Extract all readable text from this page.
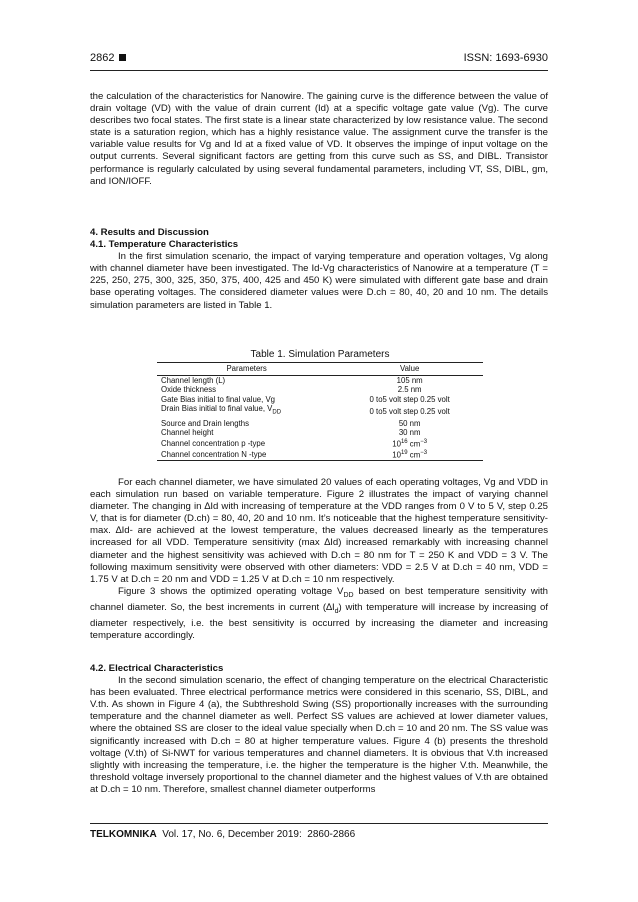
2862	ISSN: 1693-6930

the calculation of the characteristics for Nanowire. The gaining curve is the difference between the value of drain voltage (VD) with the value of drain current (Id) at a specific voltage gate value (Vg). The curve describes two focal states. The first state is a linear state characterized by low resistance value. The second state is a saturation region, which has a highly resistance value. The assignment curve the transfer is the variable value results for Vg and Id at a fixed value of VD. It observes the impinge of input voltage on the output currents. Several significant factors are getting from this curve such as SS, and DIBL. Transistor performance is regularly calculated by using several fundamental parameters, including VT, SS, DIBL, gm, and ION/IOFF.

4. Results and Discussion
4.1. Temperature Characteristics

In the first simulation scenario, the impact of varying temperature and operation voltages, Vg along with channel diameter have been investigated. The Id-Vg characteristics of Nanowire at a temperature (T = 225, 250, 275, 300, 325, 350, 375, 400, 425 and 450 K) were simulated with different gate base and drain base operating voltages. The considered diameter values were D.ch = 80, 40, 20 and 10 nm. The details simulation parameters are listed in Table 1.

Table 1. Simulation Parameters
Parameters	Value
Channel length (L)	105 nm
Oxide thickness	2.5 nm
Gate Bias initial to final value, Vg	0 to5 volt step 0.25 volt
Drain Bias initial to final value, $V_{DD}$	0 to5 volt step 0.25 volt
Source and Drain lengths	50 nm
Channel height	30 nm
Channel concentration p -type	$10^{16}$ $cm^{-3}$
Channel concentration N -type	$10^{19}$ $cm^{-3}$

For each channel diameter, we have simulated 20 values of each operating voltages, Vg and VDD in each simulation run based on variable temperature. Figure 2 illustrates the impact of varying channel diameter. The changing in ∆Id with increasing of temperature at the VDD ranges from 0 V to 5 V, step 0.25 V, that is for diameter (D.ch) = 80, 40, 20 and 10 nm. It’s noticeable that the highest temperature sensitivity- max. ∆Id- are achieved at the lowest temperature, the values decreased linearly as the temperatures increased for all VDD. Temperature sensitivity (max ∆Id) increased remarkably with increasing channel diameter and the highest sensitivity was achieved with D.ch = 80 nm for T = 250 K and VDD = 3 V. The following maximum sensitivity were observed with other diameters: VDD = 2.5 V at D.ch = 40 nm, VDD = 1.75 V at D.ch = 20 nm and VDD = 1.25 V at D.ch = 10 nm respectively.

Figure 3 shows the optimized operating voltage $V_{DD}$ based on best temperature sensitivity with channel diameter. So, the best increments in current $(\Delta I_d)$ with temperature will increase by increasing of diameter respectively, i.e. the best sensitivity is occurred by increasing the diameter and increasing temperature accordingly.

4.2. Electrical Characteristics

In the second simulation scenario, the effect of changing temperature on the electrical Characteristic has been evaluated. Three electrical performance metrics were considered in this scenario, SS, DIBL, and V.th. As shown in Figure 4 (a), the Subthreshold Swing (SS) proportionally increases with the surrounding temperature and the channel diameter as well. Perfect SS values are achieved at lower diameter values, where the obtained SS are closer to the ideal value specially when D.ch = 10 and 20 nm. The SS value was significantly increased with D.ch = 80 at higher temperature values. Figure 4 (b) presents the threshold voltage (V.th) of Si-NWT for various temperatures and channel diameters. It is obvious that V.th increased slightly with increasing the temperature, i.e. the higher the temperature is the higher V.th. Meanwhile, the threshold voltage inversely proportional to the channel diameter and the highest values of V.th are obtained at D.ch = 10 nm. Therefore, smallest channel diameter outperforms

TELKOMNIKA  Vol. 17, No. 6, December 2019:  2860-2866
